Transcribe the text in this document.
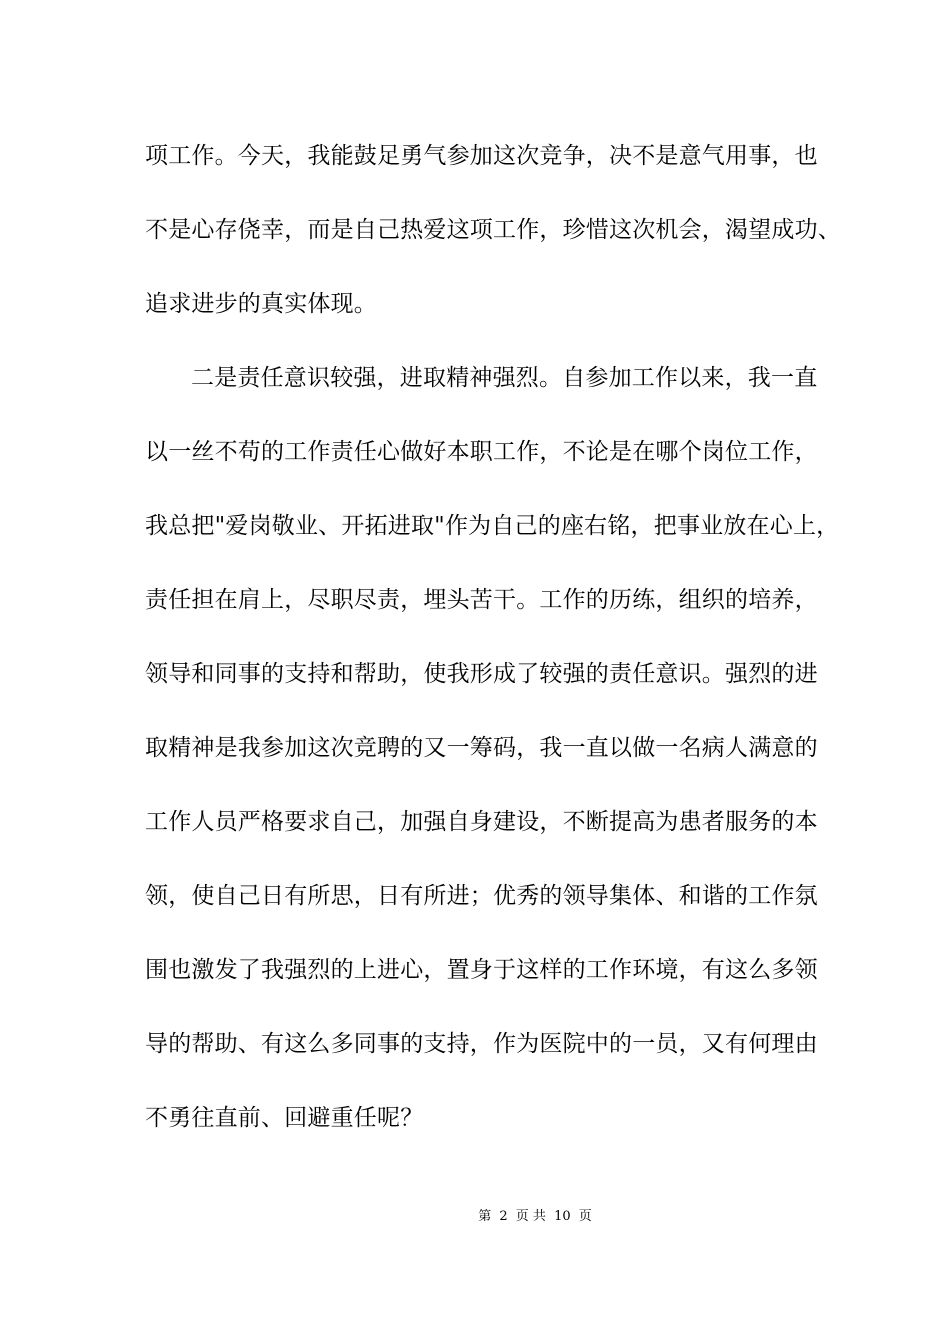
项工作。今天，我能鼓足勇气参加这次竞争，决不是意气用事，也
不是心存侥幸，而是自己热爱这项工作，珍惜这次机会，渴望成功、
追求进步的真实体现。
二是责任意识较强，进取精神强烈。自参加工作以来，我一直
以一丝不苟的工作责任心做好本职工作，不论是在哪个岗位工作，
我总把"爱岗敬业、开拓进取"作为自己的座右铭，把事业放在心上，
责任担在肩上，尽职尽责，埋头苦干。工作的历练，组织的培养，
领导和同事的支持和帮助，使我形成了较强的责任意识。强烈的进
取精神是我参加这次竞聘的又一筹码，我一直以做一名病人满意的
工作人员严格要求自己，加强自身建设，不断提高为患者服务的本
领，使自己日有所思，日有所进；优秀的领导集体、和谐的工作氛
围也激发了我强烈的上进心，置身于这样的工作环境，有这么多领
导的帮助、有这么多同事的支持，作为医院中的一员，又有何理由
不勇往直前、回避重任呢？
第 2 页 共 10 页
